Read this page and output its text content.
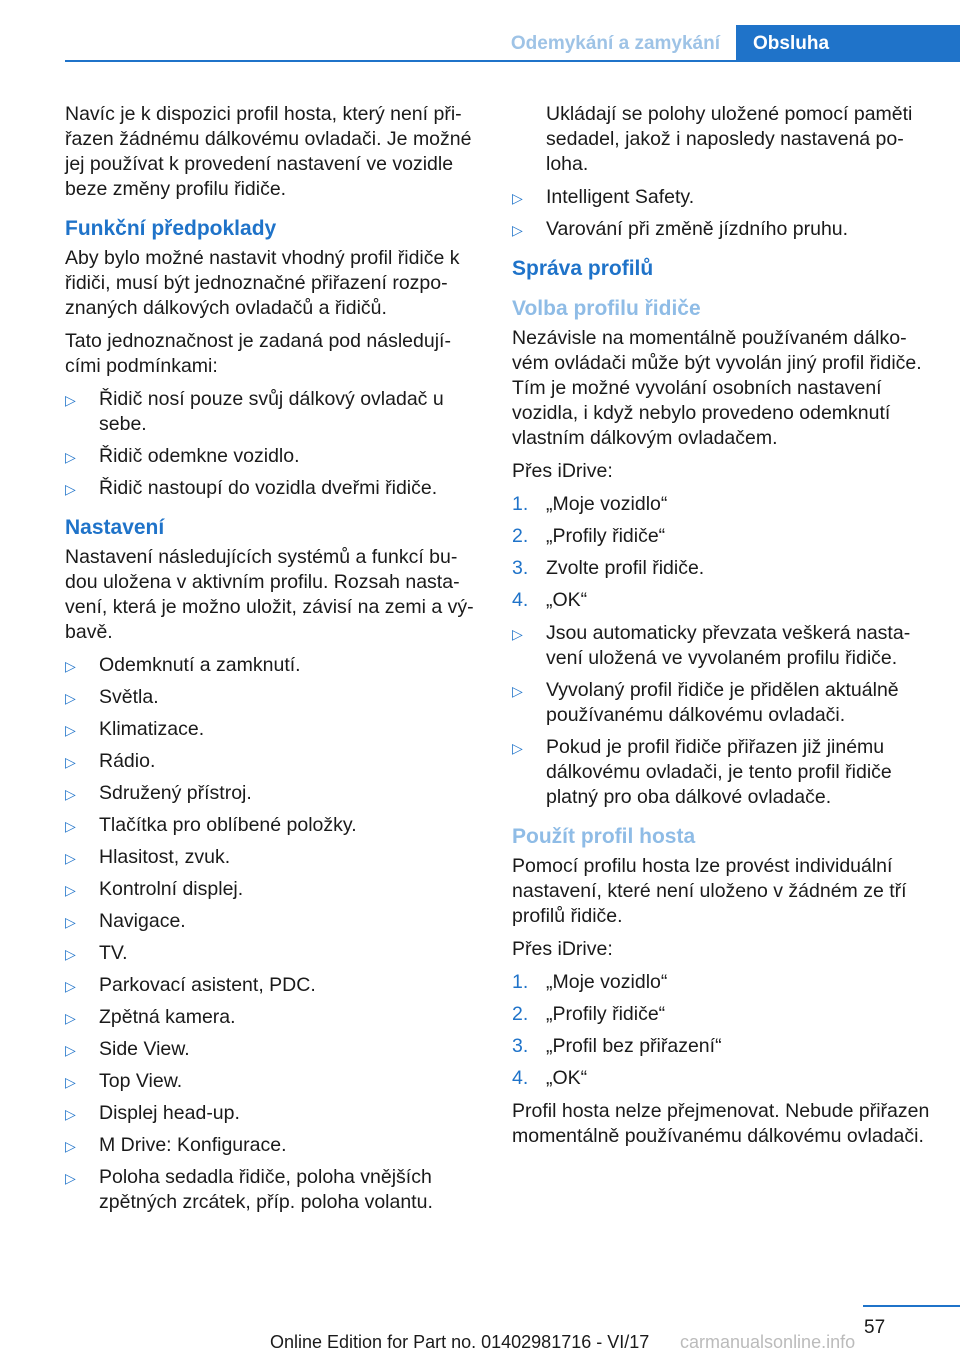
Odemykání a zamykání	Obsluha

Navíc je k dispozici profil hosta, který není přiřazen žádnému dálkovému ovladači. Je možné jej používat k provedení nastavení ve vozidle beze změny profilu řidiče.

Funkční předpoklady

Aby bylo možné nastavit vhodný profil řidiče k řidiči, musí být jednoznačné přiřazení rozpoznaných dálkových ovladačů a řidičů.

Tato jednoznačnost je zadaná pod následujícími podmínkami:

▷ Řidič nosí pouze svůj dálkový ovladač u sebe.
▷ Řidič odemkne vozidlo.
▷ Řidič nastoupí do vozidla dveřmi řidiče.
Nastavení

Nastavení následujících systémů a funkcí budou uložena v aktivním profilu. Rozsah nastavení, která je možno uložit, závisí na zemi a výbavě.

▷ Odemknutí a zamknutí.
▷ Světla.
▷ Klimatizace.
▷ Rádio.
▷ Sdružený přístroj.
▷ Tlačítka pro oblíbené položky.
▷ Hlasitost, zvuk.
▷ Kontrolní displej.
▷ Navigace.
▷ TV.
▷ Parkovací asistent, PDC.
▷ Zpětná kamera.
▷ Side View.
▷ Top View.
▷ Displej head-up.
▷ M Drive: Konfigurace.
▷ Poloha sedadla řidiče, poloha vnějších zpětných zrcátek, příp. poloha volantu.

Ukládají se polohy uložené pomocí paměti sedadel, jakož i naposledy nastavená poloha.

▷ Intelligent Safety.
▷ Varování při změně jízdního pruhu.
Správa profilů
Volba profilu řidiče

Nezávisle na momentálně používaném dálkovém ovládači může být vyvolán jiný profil řidiče. Tím je možné vyvolání osobních nastavení vozidla, i když nebylo provedeno odemknutí vlastním dálkovým ovladačem.

Přes iDrive:

1. „Moje vozidlo“
2. „Profily řidiče“
3. Zvolte profil řidiče.
4. „OK“
▷ Jsou automaticky převzata veškerá nastavení uložená ve vyvolaném profilu řidiče.
▷ Vyvolaný profil řidiče je přidělen aktuálně používanému dálkovému ovladači.
▷ Pokud je profil řidiče přiřazen již jinému dálkovému ovladači, je tento profil řidiče platný pro oba dálkové ovladače.
Použít profil hosta

Pomocí profilu hosta lze provést individuální nastavení, které není uloženo v žádném ze tří profilů řidiče.

Přes iDrive:

1. „Moje vozidlo“
2. „Profily řidiče“
3. „Profil bez přiřazení“
4. „OK“

Profil hosta nelze přejmenovat. Nebude přiřazen momentálně používanému dálkovému ovladači.

57
Online Edition for Part no. 01402981716 - VI/17 carmanualsonline.info
